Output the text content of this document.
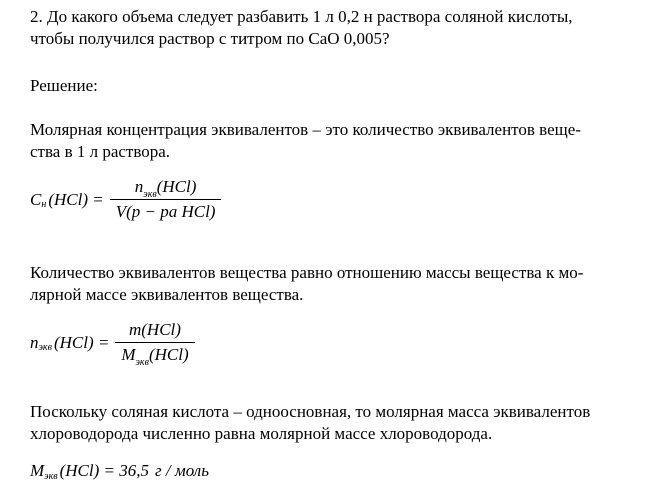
2. До какого объема следует разбавить 1 л 0,2 н раствора соляной кислоты,
чтобы получился раствор с титром по СаО 0,005?
Решение:
Молярная концентрация эквивалентов – это количество эквивалентов веще-
ства в 1 л раствора.
C н $(HCl) = \frac{n_{экв}(HCl)}{\text{V(p − pa HCl)}}$
Количество эквивалентов вещества равно отношению массы вещества к мо-
лярной массе эквивалентов вещества.
n экв $(HCl) = \frac{\text{m(HCl)}}{M_{экв}(HCl)}$
Поскольку соляная кислота – одноосновная, то молярная масса эквивалентов
хлороводорода численно равна молярной массе хлороводорода.
M экв (HCl) = 36,5 г / моль
